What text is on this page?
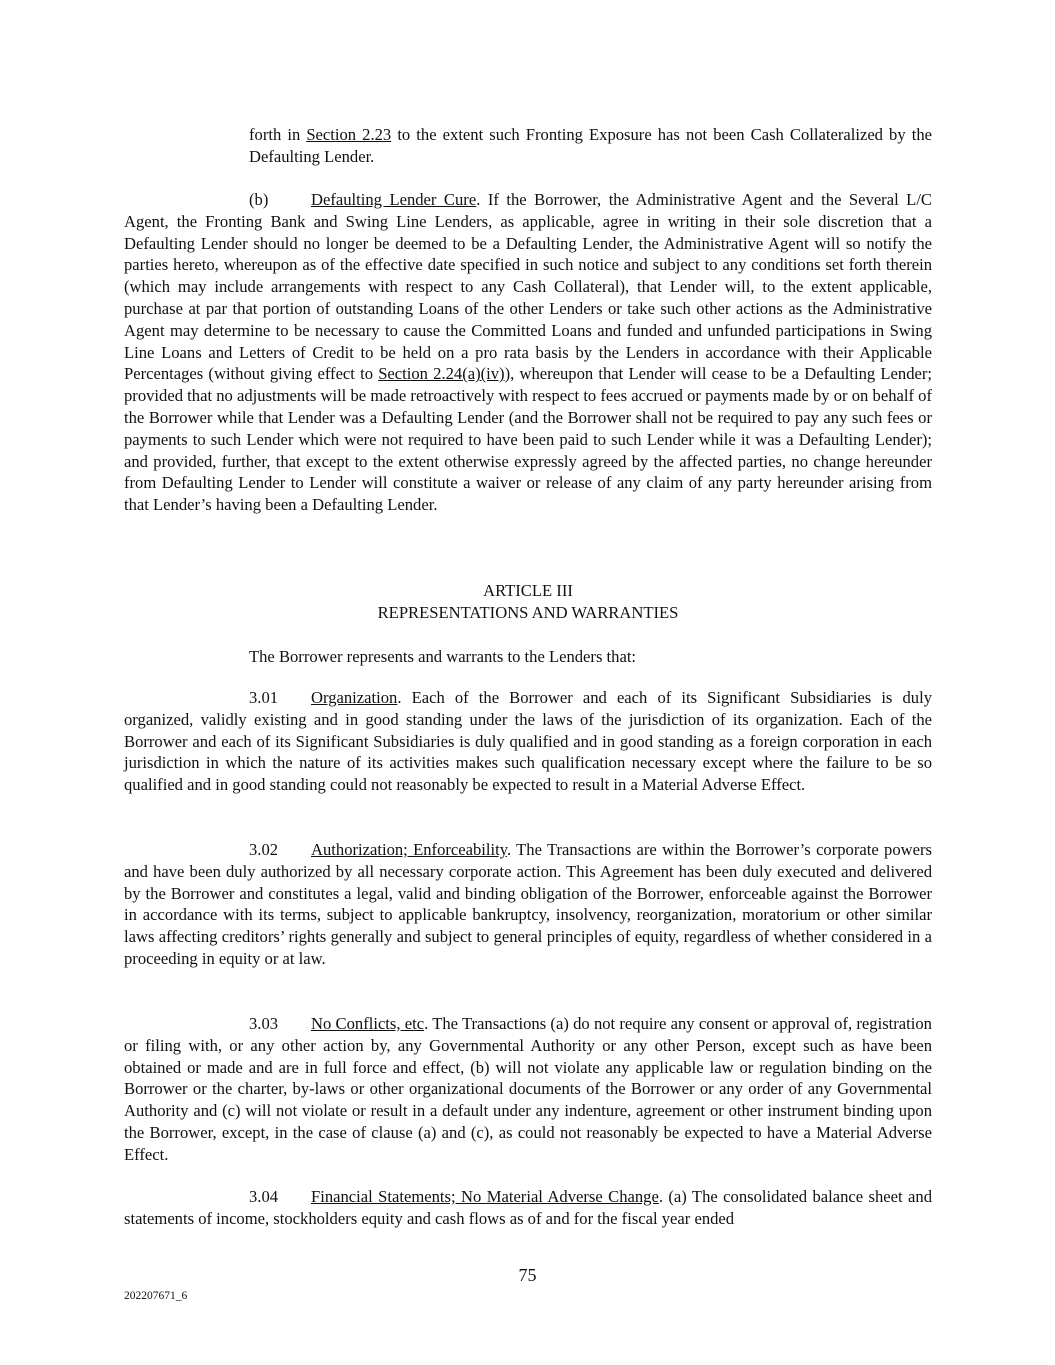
forth in Section 2.23 to the extent such Fronting Exposure has not been Cash Collateralized by the Defaulting Lender.
(b)	Defaulting Lender Cure. If the Borrower, the Administrative Agent and the Several L/C Agent, the Fronting Bank and Swing Line Lenders, as applicable, agree in writing in their sole discretion that a Defaulting Lender should no longer be deemed to be a Defaulting Lender, the Administrative Agent will so notify the parties hereto, whereupon as of the effective date specified in such notice and subject to any conditions set forth therein (which may include arrangements with respect to any Cash Collateral), that Lender will, to the extent applicable, purchase at par that portion of outstanding Loans of the other Lenders or take such other actions as the Administrative Agent may determine to be necessary to cause the Committed Loans and funded and unfunded participations in Swing Line Loans and Letters of Credit to be held on a pro rata basis by the Lenders in accordance with their Applicable Percentages (without giving effect to Section 2.24(a)(iv)), whereupon that Lender will cease to be a Defaulting Lender; provided that no adjustments will be made retroactively with respect to fees accrued or payments made by or on behalf of the Borrower while that Lender was a Defaulting Lender (and the Borrower shall not be required to pay any such fees or payments to such Lender which were not required to have been paid to such Lender while it was a Defaulting Lender); and provided, further, that except to the extent otherwise expressly agreed by the affected parties, no change hereunder from Defaulting Lender to Lender will constitute a waiver or release of any claim of any party hereunder arising from that Lender’s having been a Defaulting Lender.
ARTICLE III
REPRESENTATIONS AND WARRANTIES
The Borrower represents and warrants to the Lenders that:
3.01 Organization. Each of the Borrower and each of its Significant Subsidiaries is duly organized, validly existing and in good standing under the laws of the jurisdiction of its organization. Each of the Borrower and each of its Significant Subsidiaries is duly qualified and in good standing as a foreign corporation in each jurisdiction in which the nature of its activities makes such qualification necessary except where the failure to be so qualified and in good standing could not reasonably be expected to result in a Material Adverse Effect.
3.02 Authorization; Enforceability. The Transactions are within the Borrower’s corporate powers and have been duly authorized by all necessary corporate action. This Agreement has been duly executed and delivered by the Borrower and constitutes a legal, valid and binding obligation of the Borrower, enforceable against the Borrower in accordance with its terms, subject to applicable bankruptcy, insolvency, reorganization, moratorium or other similar laws affecting creditors’ rights generally and subject to general principles of equity, regardless of whether considered in a proceeding in equity or at law.
3.03 No Conflicts, etc. The Transactions (a) do not require any consent or approval of, registration or filing with, or any other action by, any Governmental Authority or any other Person, except such as have been obtained or made and are in full force and effect, (b) will not violate any applicable law or regulation binding on the Borrower or the charter, by-laws or other organizational documents of the Borrower or any order of any Governmental Authority and (c) will not violate or result in a default under any indenture, agreement or other instrument binding upon the Borrower, except, in the case of clause (a) and (c), as could not reasonably be expected to have a Material Adverse Effect.
3.04 Financial Statements; No Material Adverse Change. (a) The consolidated balance sheet and statements of income, stockholders equity and cash flows as of and for the fiscal year ended
75
202207671_6
